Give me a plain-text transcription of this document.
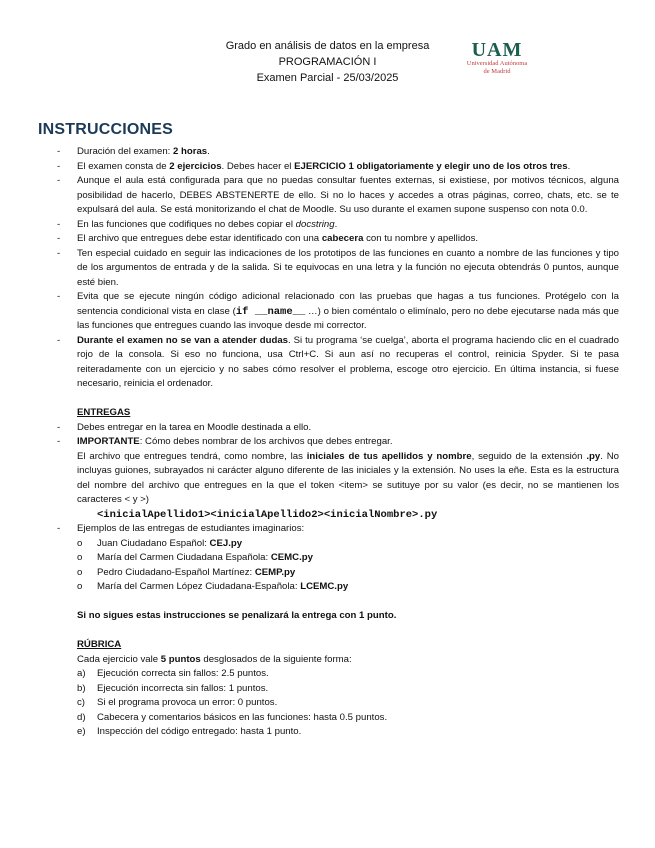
Grado en análisis de datos en la empresa
PROGRAMACIÓN I
Examen Parcial - 25/03/2025
UAM
Universidad Autónoma
de Madrid
INSTRUCCIONES
- Duración del examen: 2 horas.
- El examen consta de 2 ejercicios. Debes hacer el EJERCICIO 1 obligatoriamente y elegir uno de los otros tres.
- Aunque el aula está configurada para que no puedas consultar fuentes externas, si existiese, por motivos técnicos, alguna posibilidad de hacerlo, DEBES ABSTENERTE de ello. Si no lo haces y accedes a otras páginas, correo, chats, etc. se te expulsará del aula. Se está monitorizando el chat de Moodle. Su uso durante el examen supone suspenso con nota 0.0.
- En las funciones que codifiques no debes copiar el docstring.
- El archivo que entregues debe estar identificado con una cabecera con tu nombre y apellidos.
- Ten especial cuidado en seguir las indicaciones de los prototipos de las funciones en cuanto a nombre de las funciones y tipo de los argumentos de entrada y de la salida. Si te equivocas en una letra y la función no ejecuta obtendrás 0 puntos, aunque esté bien.
- Evita que se ejecute ningún código adicional relacionado con las pruebas que hagas a tus funciones. Protégelo con la sentencia condicional vista en clase (if __name__ …) o bien coméntalo o elimínalo, pero no debe ejecutarse nada más que las funciones que entregues cuando las invoque desde mi corrector.
- Durante el examen no se van a atender dudas. Si tu programa ‘se cuelga’, aborta el programa haciendo clic en el cuadrado rojo de la consola. Si eso no funciona, usa Ctrl+C. Si aun así no recuperas el control, reinicia Spyder. Si te pasa reiteradamente con un ejercicio y no sabes cómo resolver el problema, escoge otro ejercicio. En última instancia, si fuese necesario, reinicia el ordenador.
ENTREGAS
- Debes entregar en la tarea en Moodle destinada a ello.
- IMPORTANTE: Cómo debes nombrar de los archivos que debes entregar.
El archivo que entregues tendrá, como nombre, las iniciales de tus apellidos y nombre, seguido de la extensión .py. No incluyas guiones, subrayados ni carácter alguno diferente de las iniciales y la extensión. No uses la eñe. Esta es la estructura del nombre del archivo que entregues en la que el token <item> se sutituye por su valor (es decir, no se mantienen los caracteres < y >)
<inicialApellido1><inicialApellido2><inicialNombre>.py
- Ejemplos de las entregas de estudiantes imaginarios:
o Juan Ciudadano Español: CEJ.py
o María del Carmen Ciudadana Española: CEMC.py
o Pedro Ciudadano-Español Martínez: CEMP.py
o María del Carmen López Ciudadana-Española: LCEMC.py
Si no sigues estas instrucciones se penalizará la entrega con 1 punto.
RÚBRICA
Cada ejercicio vale 5 puntos desglosados de la siguiente forma:
a) Ejecución correcta sin fallos: 2.5 puntos.
b) Ejecución incorrecta sin fallos: 1 puntos.
c) Si el programa provoca un error: 0 puntos.
d) Cabecera y comentarios básicos en las funciones: hasta 0.5 puntos.
e) Inspección del código entregado: hasta 1 punto.
